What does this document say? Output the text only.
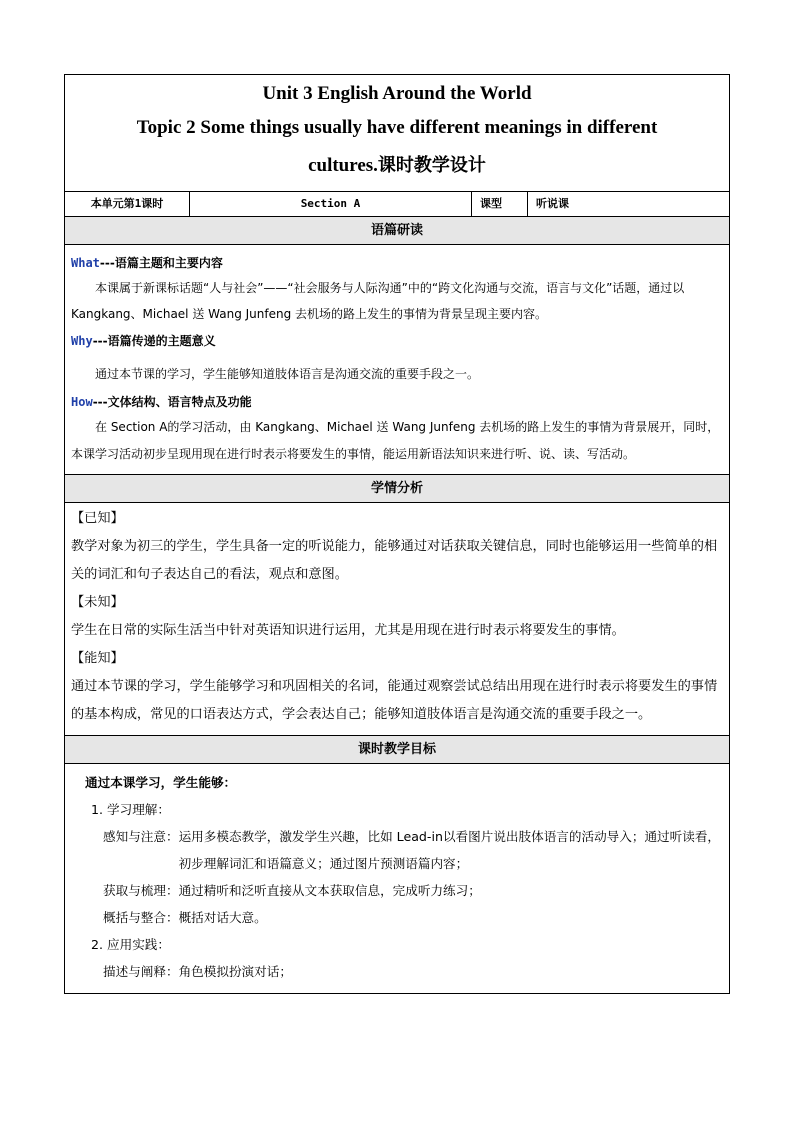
Unit 3 English Around the World
Topic 2 Some things usually have different meanings in different
cultures.课时教学设计

本单元第1课时	Section A	课型	听说课
语篇研读

What---语篇主题和主要内容

本课属于新课标话题“人与社会”——“社会服务与人际沟通”中的“跨文化沟通与交流，语言与文化”话题，通过以 Kangkang、Michael 送 Wang Junfeng 去机场的路上发生的事情为背景呈现主要内容。

Why---语篇传递的主题意义

通过本节课的学习，学生能够知道肢体语言是沟通交流的重要手段之一。

How---文体结构、语言特点及功能

在 Section A的学习活动，由 Kangkang、Michael 送 Wang Junfeng 去机场的路上发生的事情为背景展开，同时，本课学习活动初步呈现用现在进行时表示将要发生的事情，能运用新语法知识来进行听、说、读、写活动。

学情分析

【已知】

教学对象为初三的学生，学生具备一定的听说能力，能够通过对话获取关键信息，同时也能够运用一些简单的相关的词汇和句子表达自己的看法，观点和意图。

【未知】

学生在日常的实际生活当中针对英语知识进行运用，尤其是用现在进行时表示将要发生的事情。

【能知】

通过本节课的学习，学生能够学习和巩固相关的名词，能通过观察尝试总结出用现在进行时表示将要发生的事情的基本构成，常见的口语表达方式，学会表达自己；能够知道肢体语言是沟通交流的重要手段之一。

课时教学目标

通过本课学习，学生能够：
1. 学习理解：
感知与注意： 运用多模态教学，激发学生兴趣，比如 Lead-in以看图片说出肢体语言的活动导入；通过听读看，初步理解词汇和语篇意义；通过图片预测语篇内容；
获取与梳理： 通过精听和泛听直接从文本获取信息，完成听力练习；
概括与整合： 概括对话大意。
2. 应用实践：
描述与阐释： 角色模拟扮演对话；
